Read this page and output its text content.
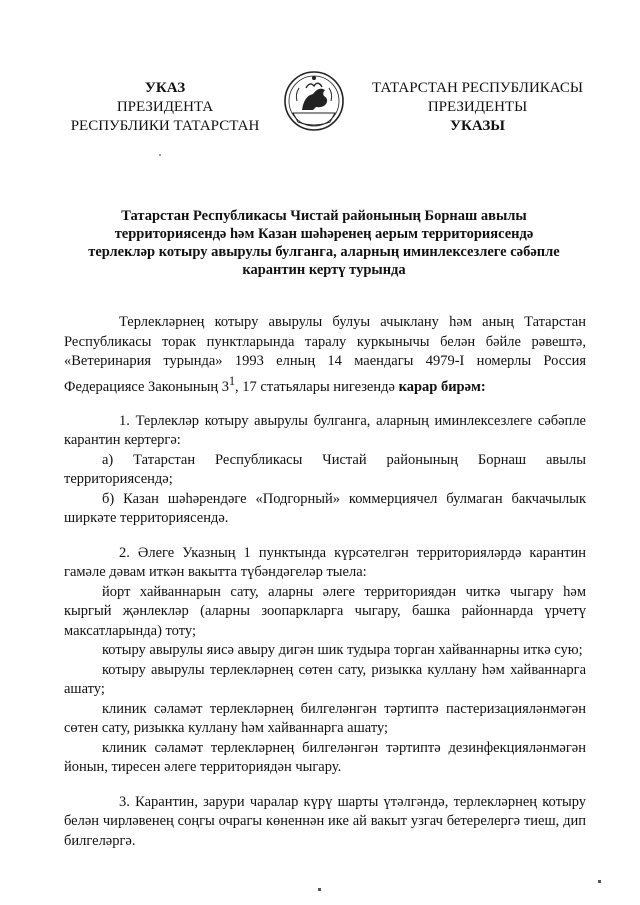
УКАЗ
ПРЕЗИДЕНТА
РЕСПУБЛИКИ ТАТАРСТАН
ТАТАРСТАН РЕСПУБЛИКАСЫ
ПРЕЗИДЕНТЫ
УКАЗЫ
Татарстан Республикасы Чистай районының Борнаш авылы
территориясендә һәм Казан шәһәренең аерым территориясендә
терлекләр котыру авырулы булганга, аларның иминлексезлеге сәбәпле
карантин кертү турында

Терлекләрнең котыру авырулы булуы ачыклану һәм аның Татарстан Республикасы торак пунктларында таралу куркынычы белән бәйле рәвештә, «Ветеринария турында» 1993 елның 14 маендагы 4979-I номерлы Россия Федерациясе Законының $3^1$, 17 статьялары нигезендә карар бирәм:

1. Терлекләр котыру авырулы булганга, аларның иминлексезлеге сәбәпле карантин кертергә:

а) Татарстан Республикасы Чистай районының Борнаш авылы территориясендә;

б) Казан шәһәрендәге «Подгорный» коммерциячел булмаган бакчачылык ширкәте территориясендә.

2. Әлеге Указның 1 пунктында күрсәтелгән территорияләрдә карантин гамәле дәвам иткән вакытта түбәндәгеләр тыела:

йорт хайваннарын сату, аларны әлеге территориядән читкә чыгару һәм кыргый җәнлекләр (аларны зоопаркларга чыгару, башка районнарда үрчетү максатларында) тоту;

котыру авырулы яисә авыру дигән шик тудыра торган хайваннарны иткә сую;

котыру авырулы терлекләрнең сөтен сату, ризыкка куллану һәм хайваннарга ашату;

клиник сәламәт терлекләрнең билгеләнгән тәртиптә пастеризацияләнмәгән сөтен сату, ризыкка куллану һәм хайваннарга ашату;

клиник сәламәт терлекләрнең билгеләнгән тәртиптә дезинфекцияләнмәгән йонын, тиресен әлеге территориядән чыгару.

3. Карантин, зарури чаралар күрү шарты үтәлгәндә, терлекләрнең котыру белән чирләвенең соңгы очрагы көненнән ике ай вакыт узгач бетерелергә тиеш, дип билгеләргә.
